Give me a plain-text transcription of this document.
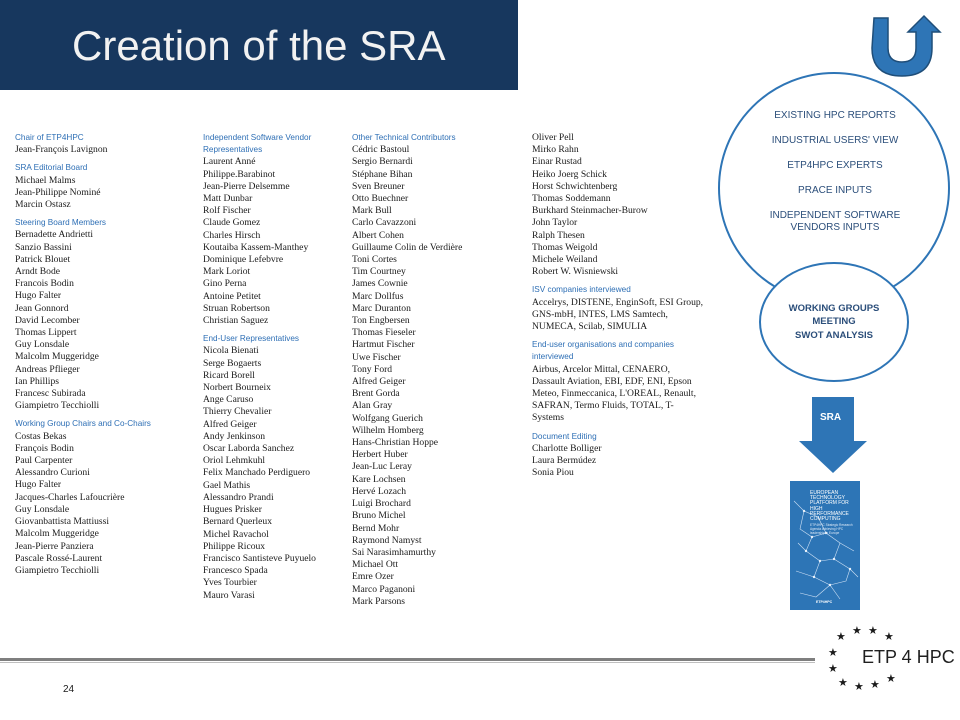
Creation of the SRA
Chair of ETP4HPC
Jean-François Lavignon
SRA Editorial Board
Michael Malms
Jean-Philippe Nominé
Marcin Ostasz
Steering Board Members
Bernadette Andrietti
Sanzio Bassini
Patrick Blouet
Arndt Bode
Francois Bodin
Hugo Falter
Jean Gonnord
David Lecomber
Thomas Lippert
Guy Lonsdale
Malcolm Muggeridge
Andreas Pflieger
Ian Phillips
Francesc Subirada
Giampietro Tecchiolli
Working Group Chairs and Co-Chairs
Costas Bekas
François Bodin
Paul Carpenter
Alessandro Curioni
Hugo Falter
Jacques-Charles Lafoucrière
Guy Lonsdale
Giovanbattista Mattiussi
Malcolm Muggeridge
Jean-Pierre Panziera
Pascale Rossé-Laurent
Giampietro Tecchiolli
Independent Software Vendor Representatives
Laurent Anné
Philippe.Barabinot
Jean-Pierre Delsemme
Matt Dunbar
Rolf Fischer
Claude Gomez
Charles Hirsch
Koutaiba Kassem-Manthey
Dominique Lefebvre
Mark Loriot
Gino Perna
Antoine Petitet
Struan Robertson
Christian Saguez
End-User Representatives
Nicola Bienati
Serge Bogaerts
Ricard Borell
Norbert Bourneix
Ange Caruso
Thierry Chevalier
Alfred Geiger
Andy Jenkinson
Oscar Laborda Sanchez
Oriol Lehmkuhl
Felix Manchado Perdiguero
Gael Mathis
Alessandro Prandi
Hugues Prisker
Bernard Querleux
Michel Ravachol
Philippe Ricoux
Francisco Santisteve Puyuelo
Francesco Spada
Yves Tourbier
Mauro Varasi
Other Technical Contributors
Cédric Bastoul
Sergio Bernardi
Stéphane Bihan
Sven Breuner
Otto Buechner
Mark Bull
Carlo Cavazzoni
Albert Cohen
Guillaume Colin de Verdière
Toni Cortes
Tim Courtney
James Cownie
Marc Dollfus
Marc Duranton
Ton Engbersen
Thomas Fieseler
Hartmut Fischer
Uwe Fischer
Tony Ford
Alfred Geiger
Brent Gorda
Alan Gray
Wolfgang Guerich
Wilhelm Homberg
Hans-Christian Hoppe
Herbert Huber
Jean-Luc Leray
Kare Lochsen
Hervé Lozach
Luigi Brochard
Bruno Michel
Bernd Mohr
Raymond Namyst
Sai Narasimhamurthy
Michael Ott
Emre Ozer
Marco Paganoni
Mark Parsons
Oliver Pell
Mirko Rahn
Einar Rustad
Heiko Joerg Schick
Horst Schwichtenberg
Thomas Soddemann
Burkhard Steinmacher-Burow
John Taylor
Ralph Thesen
Thomas Weigold
Michele Weiland
Robert W. Wisniewski
ISV companies interviewed
Accelrys, DISTENE, EnginSoft, ESI Group, GNS-mbH, INTES, LMS Samtech, NUMECA, Scilab, SIMULIA
End-user organisations and companies interviewed
Airbus, Arcelor Mittal, CENAERO, Dassault Aviation, EBI, EDF, ENI, Epson Meteo, Finmeccanica, L'OREAL, Renault, SAFRAN, Termo Fluids, TOTAL, T-Systems
Document Editing
Charlotte Bolliger
Laura Bermúdez
Sonia Piou
EXISTING HPC REPORTS
INDUSTRIAL USERS' VIEW
ETP4HPC EXPERTS
PRACE INPUTS
INDEPENDENT SOFTWARE VENDORS INPUTS
WORKING GROUPS
MEETING
SWOT ANALYSIS
SRA
EUROPEAN TECHNOLOGY PLATFORM FOR HIGH PERFORMANCE COMPUTING
ETP4HPC Strategic Research Agenda Achieving HPC leadership in Europe
ETP4HPC
24
★ ★ ★ ★
★
★
★ ★ ★ ★
ETP 4 HPC
